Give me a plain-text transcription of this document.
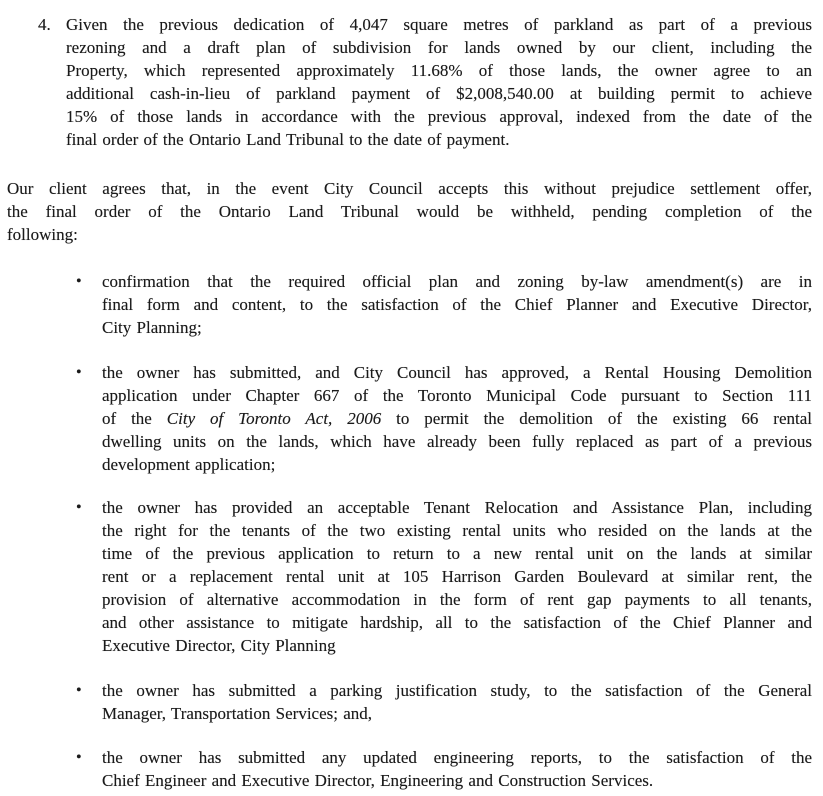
4. Given the previous dedication of 4,047 square metres of parkland as part of a previous
rezoning and a draft plan of subdivision for lands owned by our client, including the
Property, which represented approximately 11.68% of those lands, the owner agree to an
additional cash-in-lieu of parkland payment of $2,008,540.00 at building permit to achieve
15% of those lands in accordance with the previous approval, indexed from the date of the
final order of the Ontario Land Tribunal to the date of payment.
Our client agrees that, in the event City Council accepts this without prejudice settlement offer,
the final order of the Ontario Land Tribunal would be withheld, pending completion of the
following:
•	confirmation that the required official plan and zoning by-law amendment(s) are in
final form and content, to the satisfaction of the Chief Planner and Executive Director,
City Planning;
•	the owner has submitted, and City Council has approved, a Rental Housing Demolition
application under Chapter 667 of the Toronto Municipal Code pursuant to Section 111
of the City of Toronto Act, 2006 to permit the demolition of the existing 66 rental
dwelling units on the lands, which have already been fully replaced as part of a previous
development application;
•	the owner has provided an acceptable Tenant Relocation and Assistance Plan, including
the right for the tenants of the two existing rental units who resided on the lands at the
time of the previous application to return to a new rental unit on the lands at similar
rent or a replacement rental unit at 105 Harrison Garden Boulevard at similar rent, the
provision of alternative accommodation in the form of rent gap payments to all tenants,
and other assistance to mitigate hardship, all to the satisfaction of the Chief Planner and
Executive Director, City Planning
•	the owner has submitted a parking justification study, to the satisfaction of the General
Manager, Transportation Services; and,
•	the owner has submitted any updated engineering reports, to the satisfaction of the
Chief Engineer and Executive Director, Engineering and Construction Services.
